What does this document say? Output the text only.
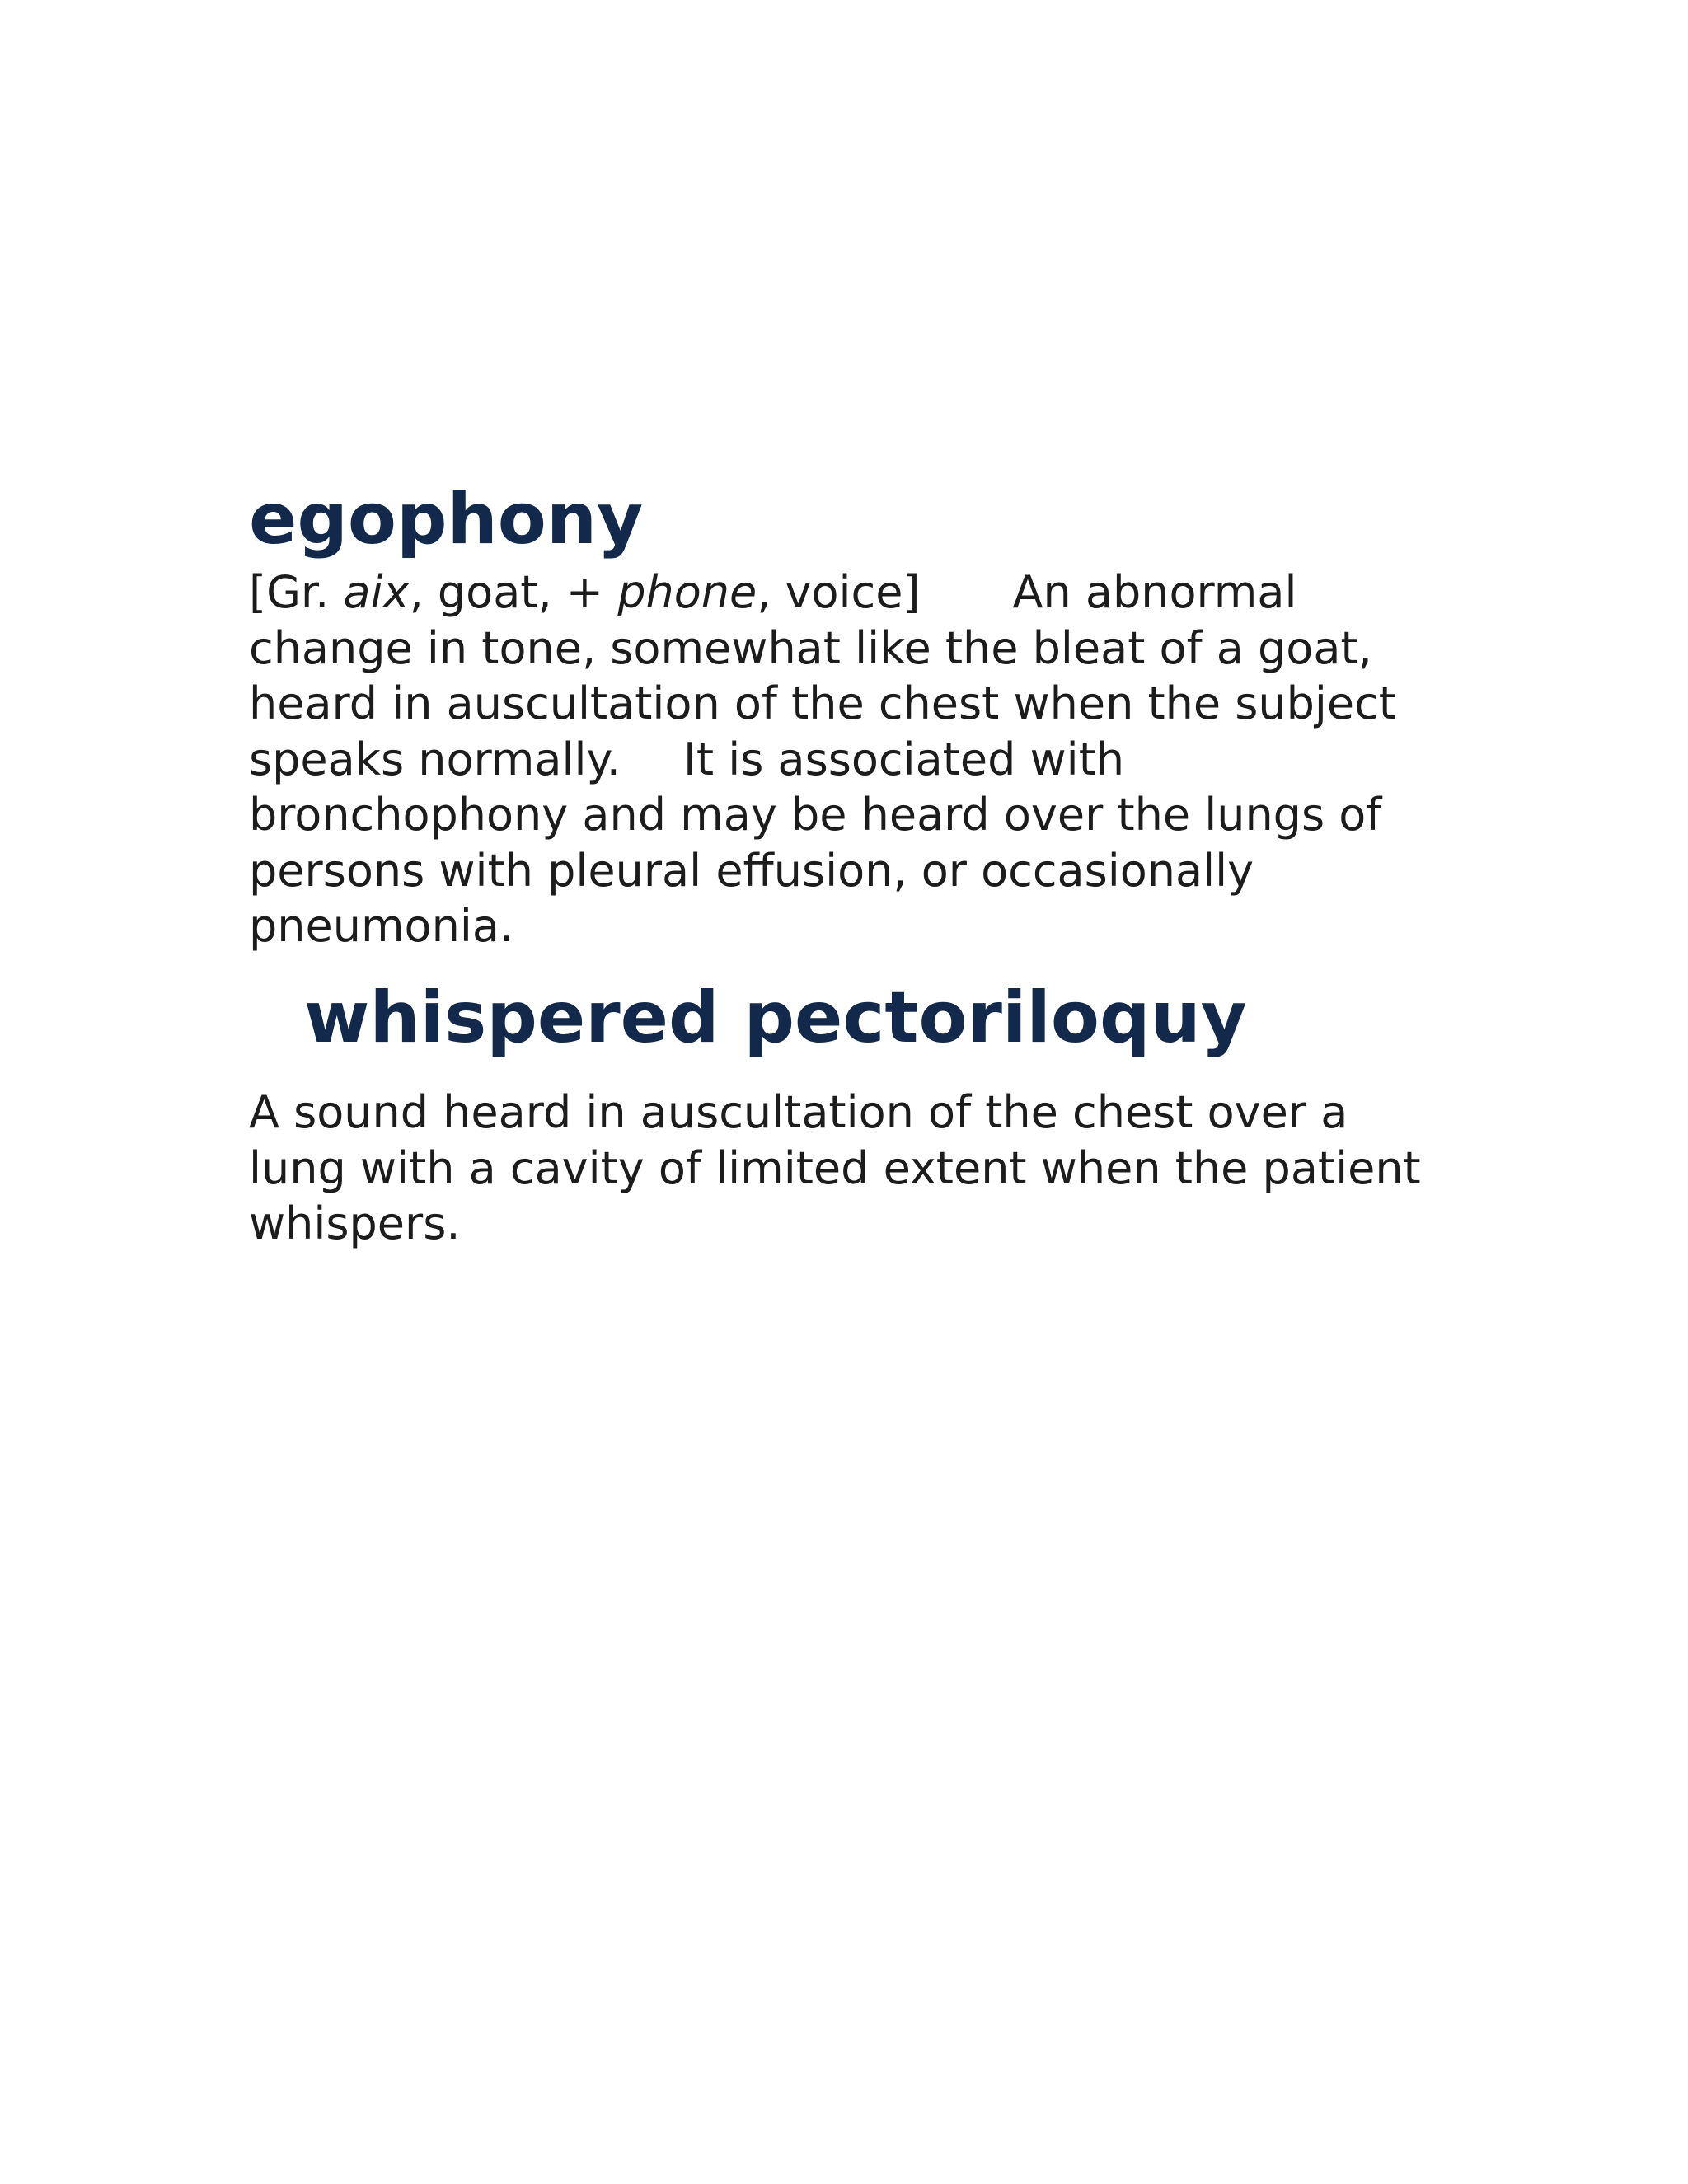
egophony

[Gr. aix, goat, + phone, voice] An abnormal change in tone, somewhat like the bleat of a goat, heard in auscultation of the chest when the subject speaks normally. It is associated with bronchophony and may be heard over the lungs of persons with pleural effusion, or occasionally pneumonia.

whispered pectoriloquy

A sound heard in auscultation of the chest over a lung with a cavity of limited extent when the patient whispers.
